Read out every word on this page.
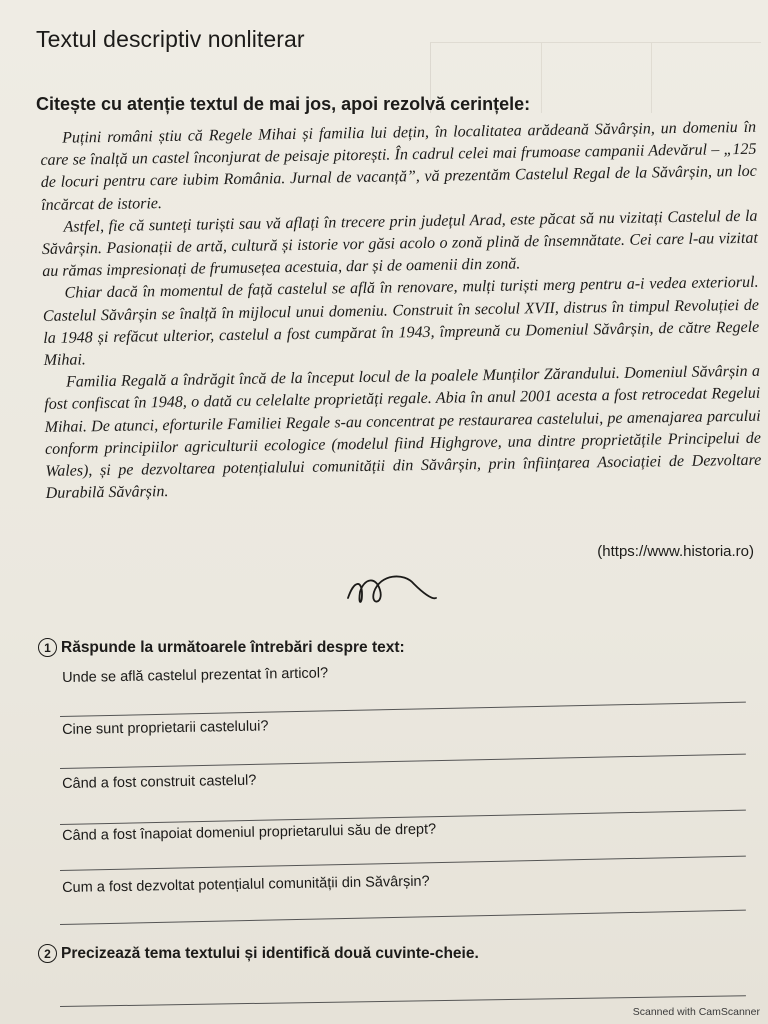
Textul descriptiv nonliterar
Citește cu atenție textul de mai jos, apoi rezolvă cerințele:

Puțini români știu că Regele Mihai și familia lui dețin, în localitatea arădeană Săvârșin, un domeniu în care se înalță un castel înconjurat de peisaje pitorești. În cadrul celei mai frumoase campanii Adevărul – „125 de locuri pentru care iubim România. Jurnal de vacanță”, vă prezentăm Castelul Regal de la Săvârșin, un loc încărcat de istorie.

Astfel, fie că sunteți turiști sau vă aflați în trecere prin județul Arad, este păcat să nu vizitați Castelul de la Săvârșin. Pasionații de artă, cultură și istorie vor găsi acolo o zonă plină de însemnătate. Cei care l-au vizitat au rămas impresionați de frumusețea acestuia, dar și de oamenii din zonă.

Chiar dacă în momentul de față castelul se află în renovare, mulți turiști merg pentru a-i vedea exteriorul. Castelul Săvârșin se înalță în mijlocul unui domeniu. Construit în secolul XVII, distrus în timpul Revoluției de la 1948 și refăcut ulterior, castelul a fost cumpărat în 1943, împreună cu Domeniul Săvârșin, de către Regele Mihai.

Familia Regală a îndrăgit încă de la început locul de la poalele Munților Zărandului. Domeniul Săvârșin a fost confiscat în 1948, o dată cu celelalte proprietăți regale. Abia în anul 2001 acesta a fost retrocedat Regelui Mihai. De atunci, eforturile Familiei Regale s-au concentrat pe restaurarea castelului, pe amenajarea parcului conform principiilor agriculturii ecologice (modelul fiind Highgrove, una dintre proprietățile Principelui de Wales), și pe dezvoltarea potențialului comunității din Săvârșin, prin înființarea Asociației de Dezvoltare Durabilă Săvârșin.

(https://www.historia.ro)
1 Răspunde la următoarele întrebări despre text:
Unde se află castelul prezentat în articol?
Cine sunt proprietarii castelului?
Când a fost construit castelul?
Când a fost înapoiat domeniul proprietarului său de drept?
Cum a fost dezvoltat potențialul comunității din Săvârșin?
2 Precizează tema textului și identifică două cuvinte-cheie.
Scanned with CamScanner
